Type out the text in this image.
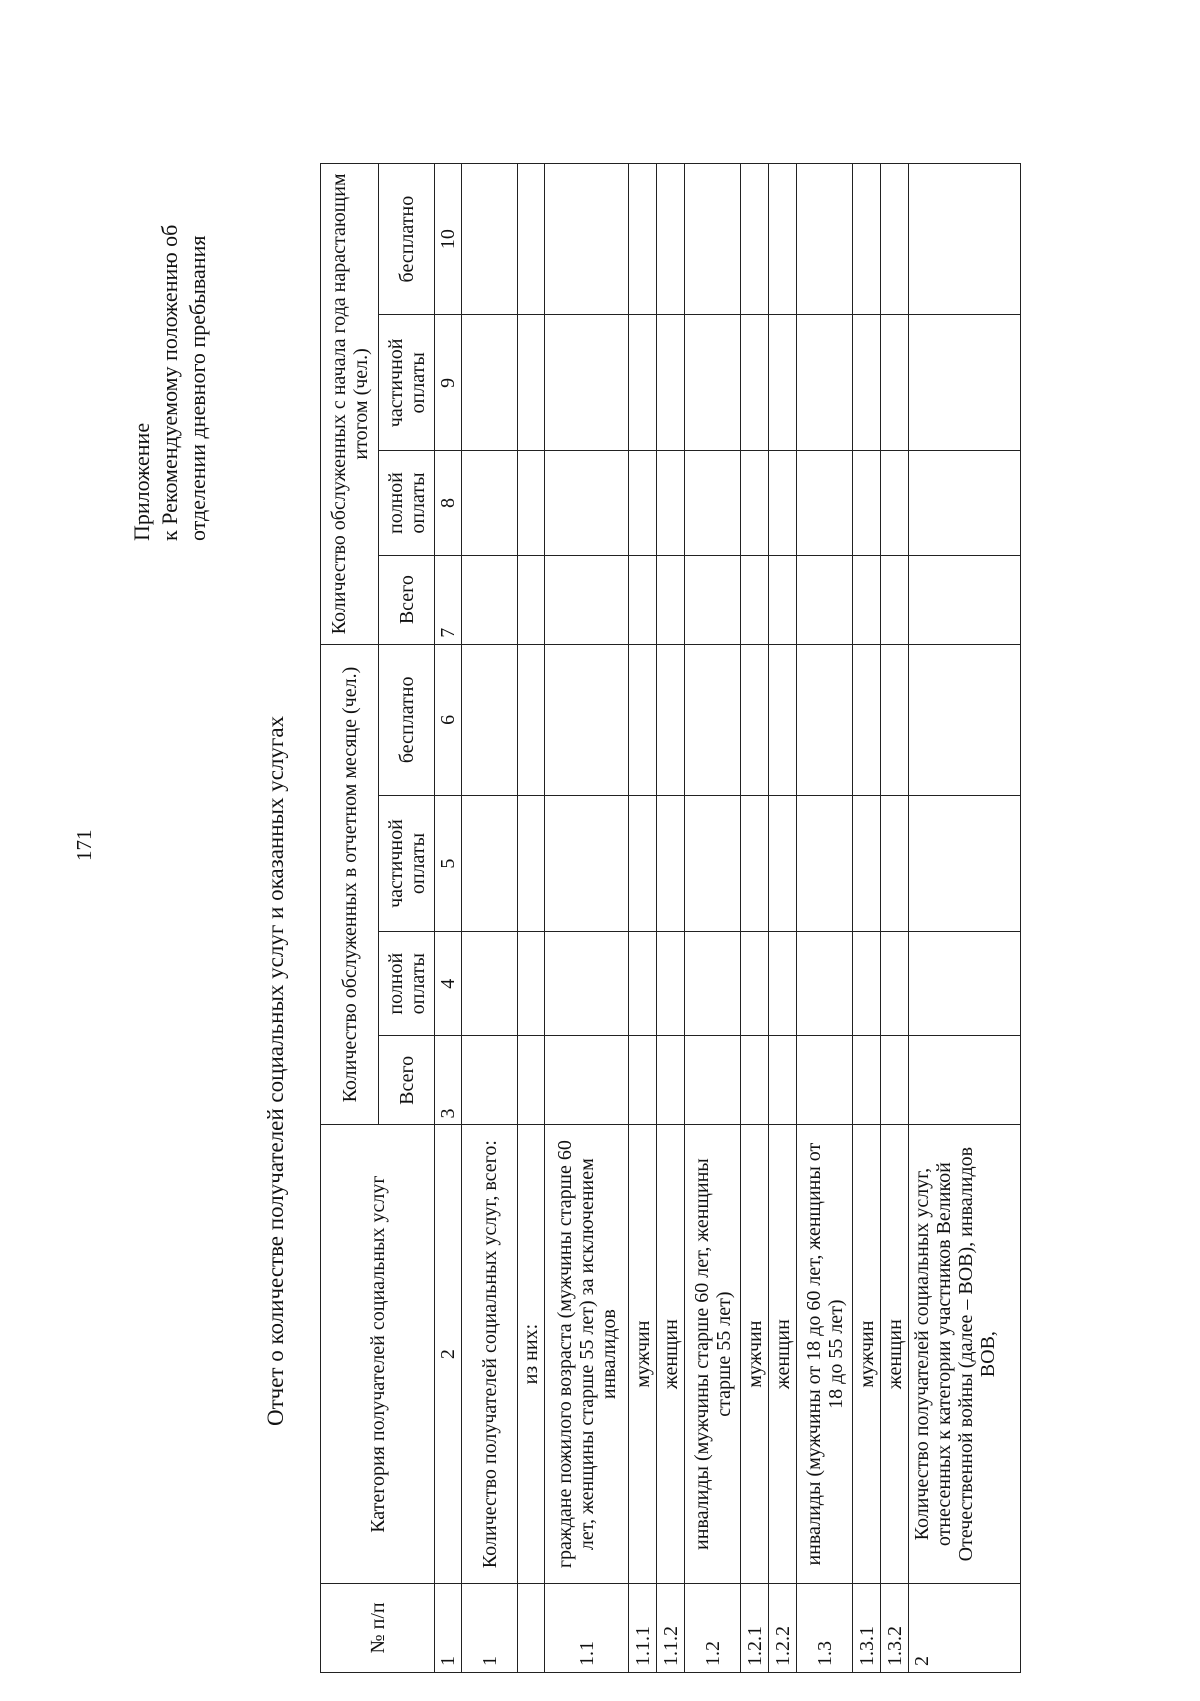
171
Приложение к Рекомендуемому положению об отделении дневного пребывания
Отчет о количестве получателей социальных услуг и оказанных услугах
№ п/п	Категория получателей социальных услуг	Количество обслуженных в отчетном месяце (чел.)				Количество обслуженных с начала года нарастающим итогом (чел.)			
		Всего	полной оплаты	частичной оплаты	бесплатно	Всего	полной оплаты	частичной оплаты	бесплатно
1	2	3	4	5	6	7	8	9	10
1	Количество получателей социальных услуг, всего:								
	из них:								
1.1	граждане пожилого возраста (мужчины старше 60 лет, женщины старше 55 лет) за исключением инвалидов								
1.1.1	мужчин								
1.1.2	женщин								
1.2	инвалиды (мужчины старше 60 лет, женщины старше 55 лет)								
1.2.1	мужчин								
1.2.2	женщин								
1.3	инвалиды (мужчины от 18 до 60 лет, женщины от 18 до 55 лет)								
1.3.1	мужчин								
1.3.2	женщин								
2	Количество получателей социальных услуг, отнесенных к категории участников Великой Отечественной войны (далее – ВОВ), инвалидов ВОВ,								
